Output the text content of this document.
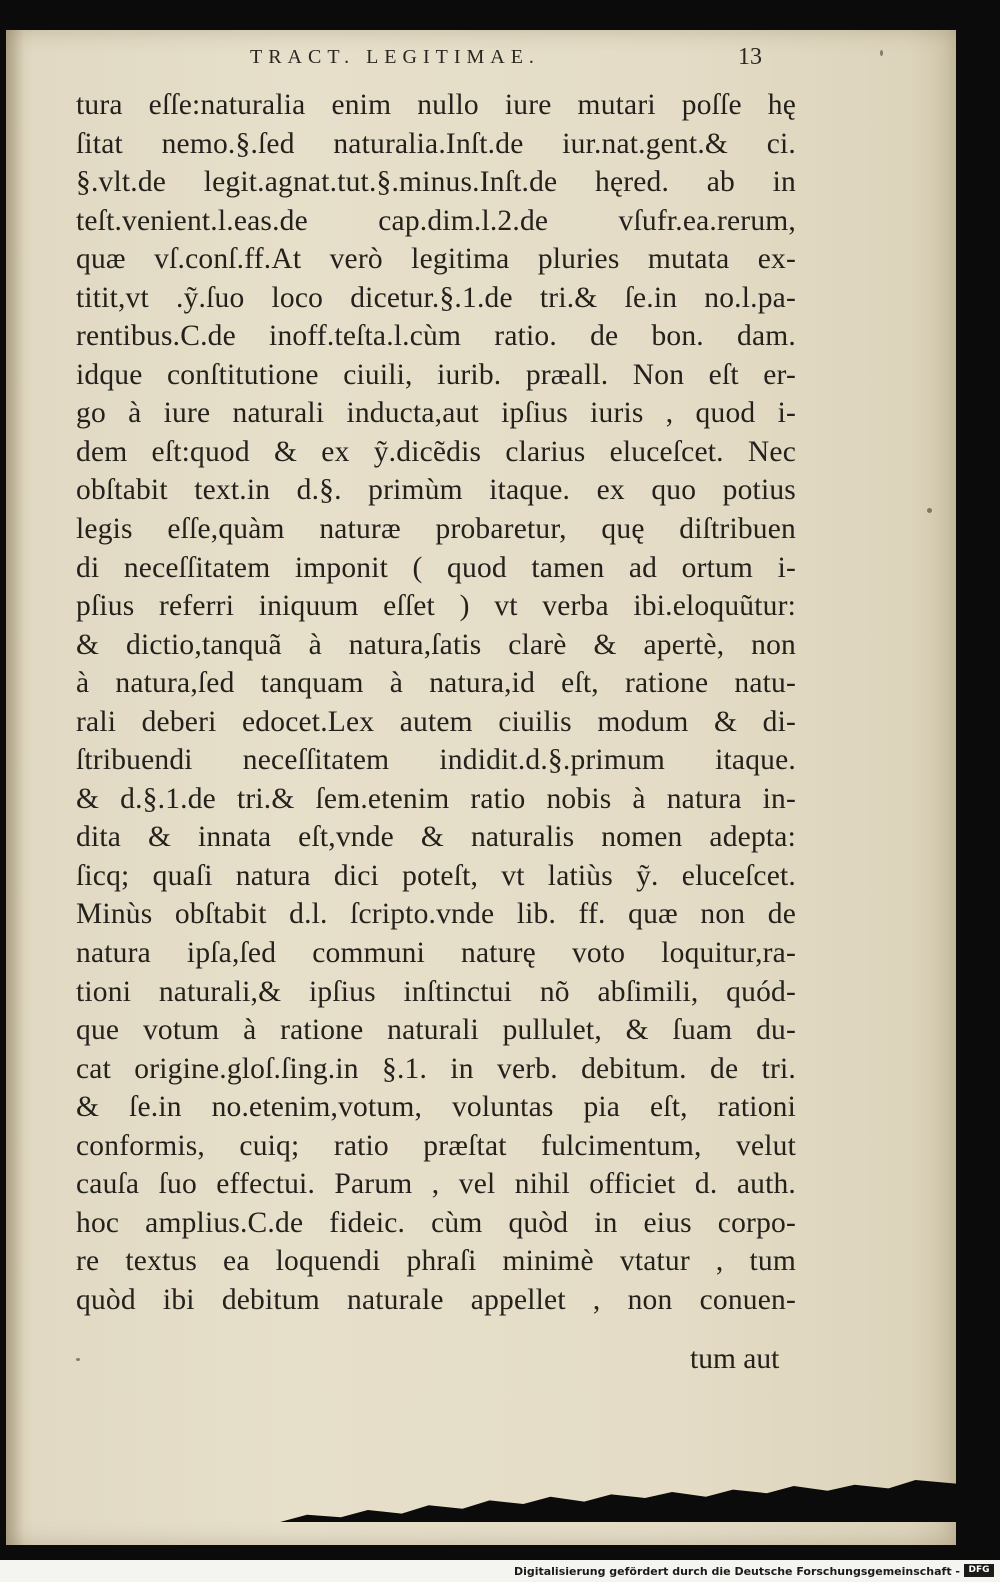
TRACT. LEGITIMAE.	13
tura eſſe:naturalia enim nullo iure mutari poſſe hę
ſitat nemo.§.ſed naturalia.Inſt.de iur.nat.gent.& ci.
§.vlt.de legit.agnat.tut.§.minus.Inſt.de hęred. ab in
teſt.venient.l.eas.de cap.dim.l.2.de vſufr.ea.rerum,
quæ vſ.conſ.ff.At verò legitima pluries mutata ex-
titit,vt .ỹ.ſuo loco dicetur.§.1.de tri.& ſe.in no.l.pa-
rentibus.C.de inoff.teſta.l.cùm ratio. de bon. dam.
idque conſtitutione ciuili, iurib. præall. Non eſt er-
go à iure naturali inducta,aut ipſius iuris , quod i-
dem eſt:quod & ex ỹ.dicẽdis clarius eluceſcet. Nec
obſtabit text.in d.§. primùm itaque. ex quo potius
legis eſſe,quàm naturæ probaretur, quę diſtribuen
di neceſſitatem imponit ( quod tamen ad ortum i-
pſius referri iniquum eſſet ) vt verba ibi.eloquũtur:
& dictio,tanquã à natura,ſatis clarè & apertè, non
à natura,ſed tanquam à natura,id eſt, ratione natu-
rali deberi edocet.Lex autem ciuilis modum & di-
ſtribuendi neceſſitatem indidit.d.§.primum itaque.
& d.§.1.de tri.& ſem.etenim ratio nobis à natura in-
dita & innata eſt,vnde & naturalis nomen adepta:
ſicq; quaſi natura dici poteſt, vt latiùs ỹ. eluceſcet.
Minùs obſtabit d.l. ſcripto.vnde lib. ff. quæ non de
natura ipſa,ſed communi naturę voto loquitur,ra-
tioni naturali,& ipſius inſtinctui nõ abſimili, quód-
que votum à ratione naturali pullulet, & ſuam du-
cat origine.gloſ.ſing.in §.1. in verb. debitum. de tri.
& ſe.in no.etenim,votum, voluntas pia eſt, rationi
conformis, cuiq; ratio præſtat fulcimentum, velut
cauſa ſuo effectui. Parum , vel nihil officiet d. auth.
hoc amplius.C.de fideic. cùm quòd in eius corpo-
re textus ea loquendi phraſi minimè vtatur , tum
quòd ibi debitum naturale appellet , non conuen-
tum aut
Digitalisierung gefördert durch die Deutsche Forschungsgemeinschaft - DFG
